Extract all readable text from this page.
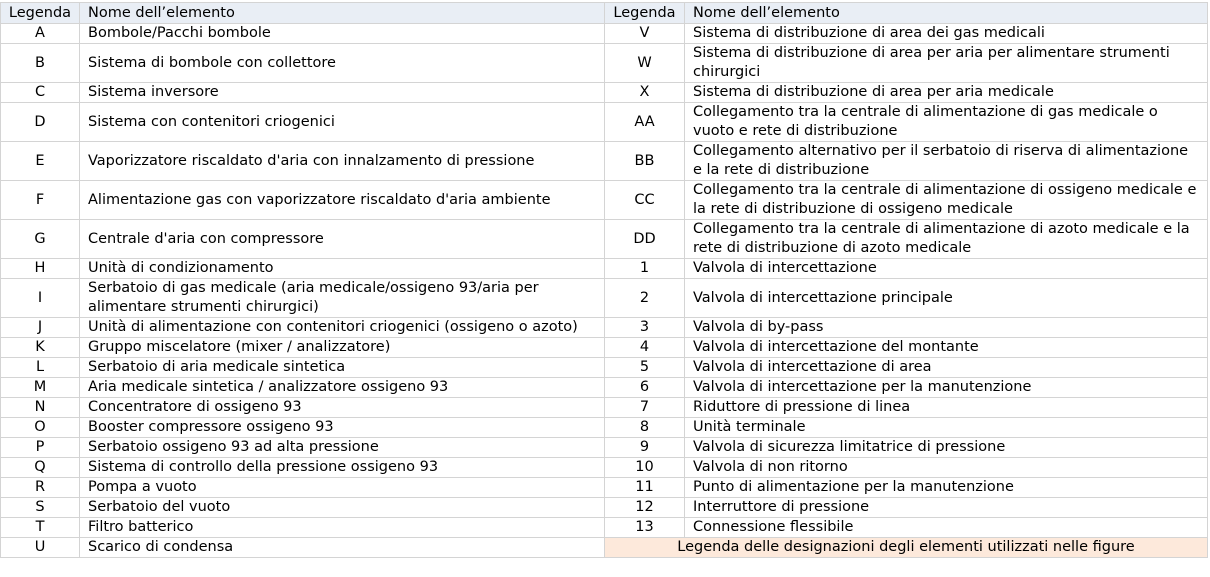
Legenda	Nome dell’elemento	Legenda	Nome dell’elemento
A	Bombole/Pacchi bombole	V	Sistema di distribuzione di area dei gas medicali
B	Sistema di bombole con collettore	W	Sistema di distribuzione di area per aria per alimentare strumenti chirurgici
C	Sistema inversore	X	Sistema di distribuzione di area per aria medicale
D	Sistema con contenitori criogenici	AA	Collegamento tra la centrale di alimentazione di gas medicale o vuoto e rete di distribuzione
E	Vaporizzatore riscaldato d'aria con innalzamento di pressione	BB	Collegamento alternativo per il serbatoio di riserva di alimentazione e la rete di distribuzione
F	Alimentazione gas con vaporizzatore riscaldato d'aria ambiente	CC	Collegamento tra la centrale di alimentazione di ossigeno medicale e la rete di distribuzione di ossigeno medicale
G	Centrale d'aria con compressore	DD	Collegamento tra la centrale di alimentazione di azoto medicale e la rete di distribuzione di azoto medicale
H	Unità di condizionamento	1	Valvola di intercettazione
I	Serbatoio di gas medicale (aria medicale/ossigeno 93/aria per alimentare strumenti chirurgici)	2	Valvola di intercettazione principale
J	Unità di alimentazione con contenitori criogenici (ossigeno o azoto)	3	Valvola di by-pass
K	Gruppo miscelatore (mixer / analizzatore)	4	Valvola di intercettazione del montante
L	Serbatoio di aria medicale sintetica	5	Valvola di intercettazione di area
M	Aria medicale sintetica / analizzatore ossigeno 93	6	Valvola di intercettazione per la manutenzione
N	Concentratore di ossigeno 93	7	Riduttore di pressione di linea
O	Booster compressore ossigeno 93	8	Unità terminale
P	Serbatoio ossigeno 93 ad alta pressione	9	Valvola di sicurezza limitatrice di pressione
Q	Sistema di controllo della pressione ossigeno 93	10	Valvola di non ritorno
R	Pompa a vuoto	11	Punto di alimentazione per la manutenzione
S	Serbatoio del vuoto	12	Interruttore di pressione
T	Filtro batterico	13	Connessione flessibile
U	Scarico di condensa	Legenda delle designazioni degli elementi utilizzati nelle figure	
